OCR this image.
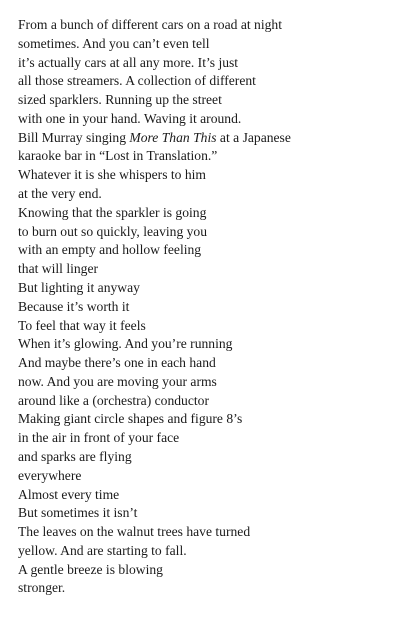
From a bunch of different cars on a road at night
sometimes. And you can’t even tell
it’s actually cars at all any more. It’s just
all those streamers. A collection of different
sized sparklers. Running up the street
with one in your hand. Waving it around.
Bill Murray singing More Than This at a Japanese
karaoke bar in “Lost in Translation.”
Whatever it is she whispers to him
at the very end.
Knowing that the sparkler is going
to burn out so quickly, leaving you
with an empty and hollow feeling
that will linger
But lighting it anyway
Because it’s worth it
To feel that way it feels
When it’s glowing. And you’re running
And maybe there’s one in each hand
now. And you are moving your arms
around like a (orchestra) conductor
Making giant circle shapes and figure 8’s
in the air in front of your face
and sparks are flying
everywhere
Almost every time
But sometimes it isn’t
The leaves on the walnut trees have turned
yellow. And are starting to fall.
A gentle breeze is blowing
stronger.
